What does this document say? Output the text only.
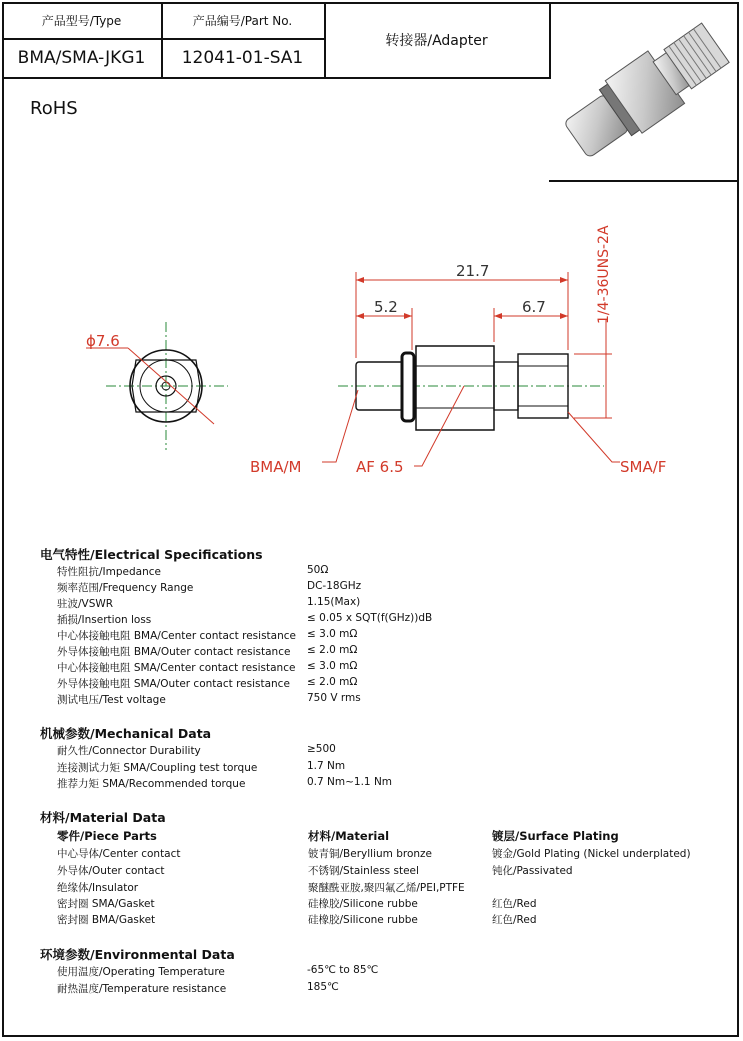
产品型号/Type	产品编号/Part No.
BMA/SMA-JKG1 12041-01-SA1
转接器/Adapter
RoHS
ϕ7.6
21.7
5.2	6.7	1/4-36UNS-2A
BMA/M	AF 6.5	SMA/F
电气特性/Electrical Specifications
特性阻抗/Impedance	50Ω
频率范围/Frequency Range	DC-18GHz
驻波/VSWR	1.15(Max)
插损/Insertion loss	≤ 0.05 x SQT(f(GHz))dB
中心体接触电阻 BMA/Center contact resistance ≤ 3.0 mΩ
外导体接触电阻 BMA/Outer contact resistance ≤ 2.0 mΩ
中心体接触电阻 SMA/Center contact resistance ≤ 3.0 mΩ
外导体接触电阻 SMA/Outer contact resistance ≤ 2.0 mΩ
测试电压/Test voltage	750 V rms
机械参数/Mechanical Data
耐久性/Connector Durability	≥500
连接测试力矩 SMA/Coupling test torque	1.7 Nm
推荐力矩 SMA/Recommended torque	0.7 Nm~1.1 Nm
材料/Material Data
零件/Piece Parts	材料/Material	镀层/Surface Plating
中心导体/Center contact	铍青铜/Beryllium bronze	镀金/Gold Plating (Nickel underplated)
外导体/Outer contact	不锈钢/Stainless steel	钝化/Passivated
绝缘体/Insulator	聚醚酰亚胺,聚四氟乙烯/PEI,PTFE
密封圈 SMA/Gasket	硅橡胶/Silicone rubbe	红色/Red
密封圈 BMA/Gasket	硅橡胶/Silicone rubbe	红色/Red
环境参数/Environmental Data
使用温度/Operating Temperature	-65℃ to 85℃
耐热温度/Temperature resistance	185℃
